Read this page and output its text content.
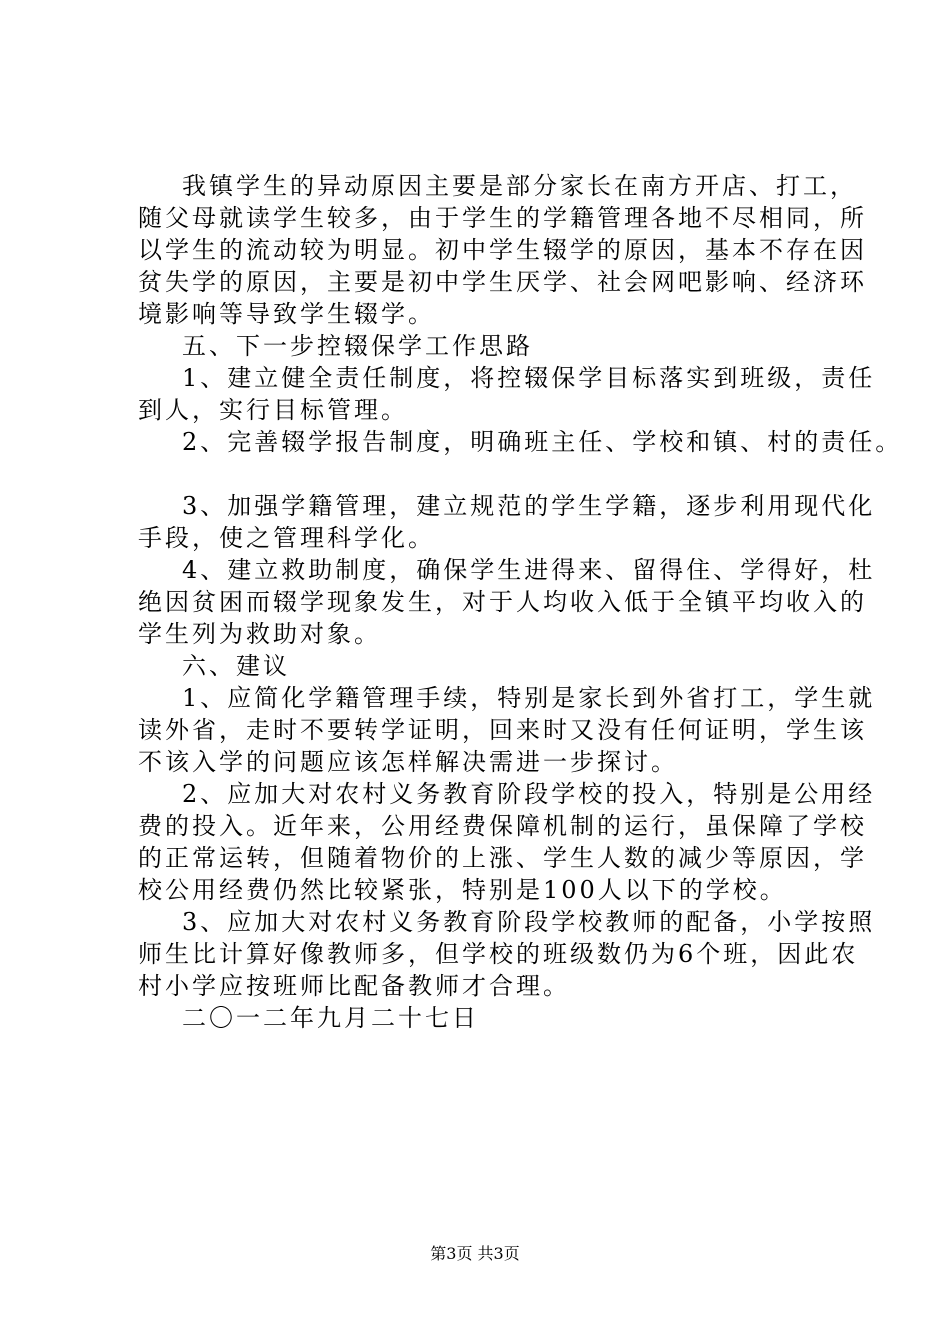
我镇学生的异动原因主要是部分家长在南方开店、打工，
随父母就读学生较多，由于学生的学籍管理各地不尽相同，所
以学生的流动较为明显。初中学生辍学的原因，基本不存在因
贫失学的原因，主要是初中学生厌学、社会网吧影响、经济环
境影响等导致学生辍学。
五、下一步控辍保学工作思路
1、建立健全责任制度，将控辍保学目标落实到班级，责任
到人，实行目标管理。
2、完善辍学报告制度，明确班主任、学校和镇、村的责任。
3、加强学籍管理，建立规范的学生学籍，逐步利用现代化
手段，使之管理科学化。
4、建立救助制度，确保学生进得来、留得住、学得好，杜
绝因贫困而辍学现象发生，对于人均收入低于全镇平均收入的
学生列为救助对象。
六、建议
1、应简化学籍管理手续，特别是家长到外省打工，学生就
读外省，走时不要转学证明，回来时又没有任何证明，学生该
不该入学的问题应该怎样解决需进一步探讨。
2、应加大对农村义务教育阶段学校的投入，特别是公用经
费的投入。近年来，公用经费保障机制的运行，虽保障了学校
的正常运转，但随着物价的上涨、学生人数的减少等原因，学
校公用经费仍然比较紧张，特别是100人以下的学校。
3、应加大对农村义务教育阶段学校教师的配备，小学按照
师生比计算好像教师多，但学校的班级数仍为6个班，因此农
村小学应按班师比配备教师才合理。
二〇一二年九月二十七日
第3页 共3页
